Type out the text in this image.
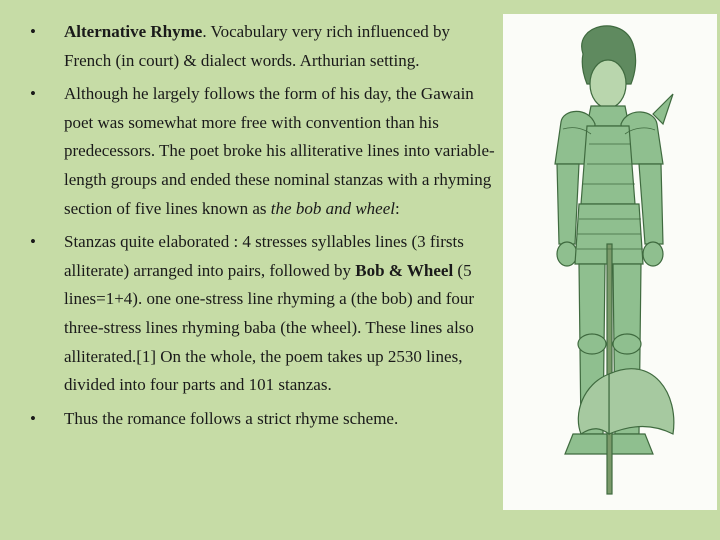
•	Alternative Rhyme. Vocabulary very rich influenced by French (in court) & dialect words. Arthurian setting.
•	Although he largely follows the form of his day, the Gawain poet was somewhat more free with convention than his predecessors. The poet broke his alliterative lines into variable-length groups and ended these nominal stanzas with a rhyming section of five lines known as the bob and wheel:
•	Stanzas quite elaborated : 4 stresses syllables lines (3 firsts alliterate) arranged into pairs, followed by Bob & Wheel (5 lines=1+4). one one-stress line rhyming a (the bob) and four three-stress lines rhyming baba (the wheel). These lines also alliterated.[1] On the whole, the poem takes up 2530 lines, divided into four parts and 101 stanzas.
•	Thus the romance follows a strict rhyme scheme.
